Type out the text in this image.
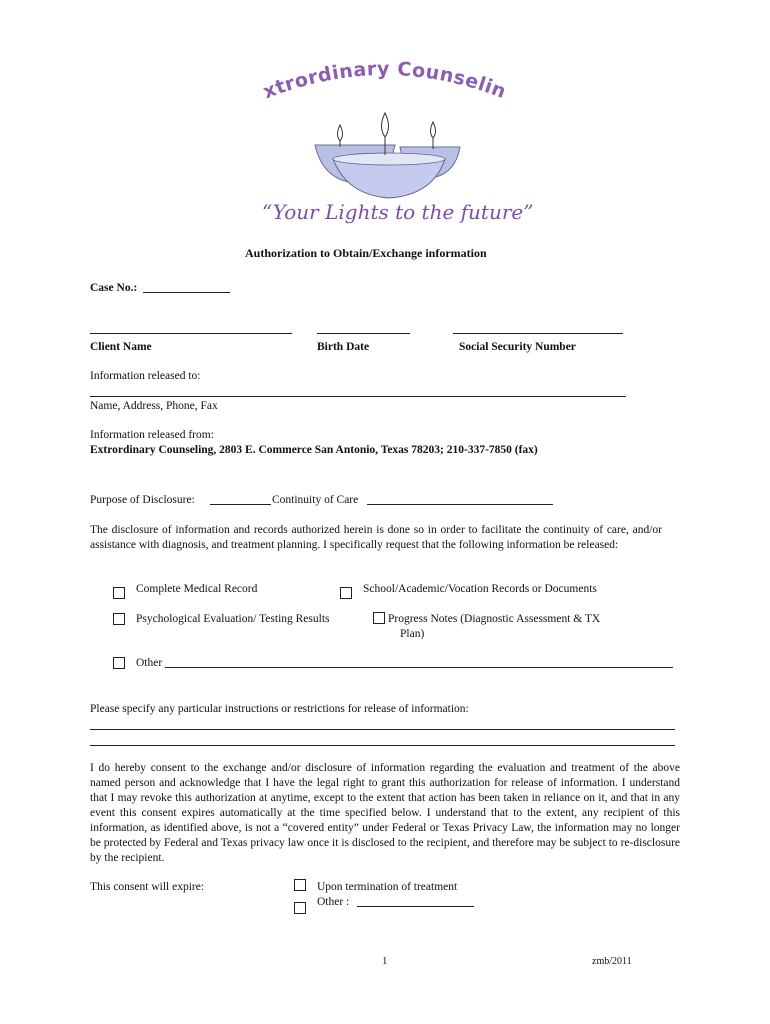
xtrordinary Counselin
“Your Lights to the future”
Authorization to Obtain/Exchange information
Case No.:
Client Name	Birth Date	Social Security Number
Information released to:
Name, Address, Phone, Fax
Information released from:
Extrordinary Counseling, 2803 E. Commerce San Antonio, Texas 78203; 210-337-7850 (fax)
Purpose of Disclosure:	Continuity of Care
The disclosure of information and records authorized herein is done so in order to facilitate the continuity of care, and/or assistance with diagnosis, and treatment planning. I specifically request that the following information be released:
Complete Medical Record	School/Academic/Vocation Records or Documents
Psychological Evaluation/ Testing Results	Progress Notes (Diagnostic Assessment & TX
Plan)
Other
Please specify any particular instructions or restrictions for release of information:
I do hereby consent to the exchange and/or disclosure of information regarding the evaluation and treatment of the above named person and acknowledge that I have the legal right to grant this authorization for release of information. I understand that I may revoke this authorization at anytime, except to the extent that action has been taken in reliance on it, and that in any event this consent expires automatically at the time specified below. I understand that to the extent, any recipient of this information, as identified above, is not a “covered entity” under Federal or Texas Privacy Law, the information may no longer be protected by Federal and Texas privacy law once it is disclosed to the recipient, and therefore may be subject to re-disclosure by the recipient.
This consent will expire:	Upon termination of treatment
Other :
1	zmb/2011
